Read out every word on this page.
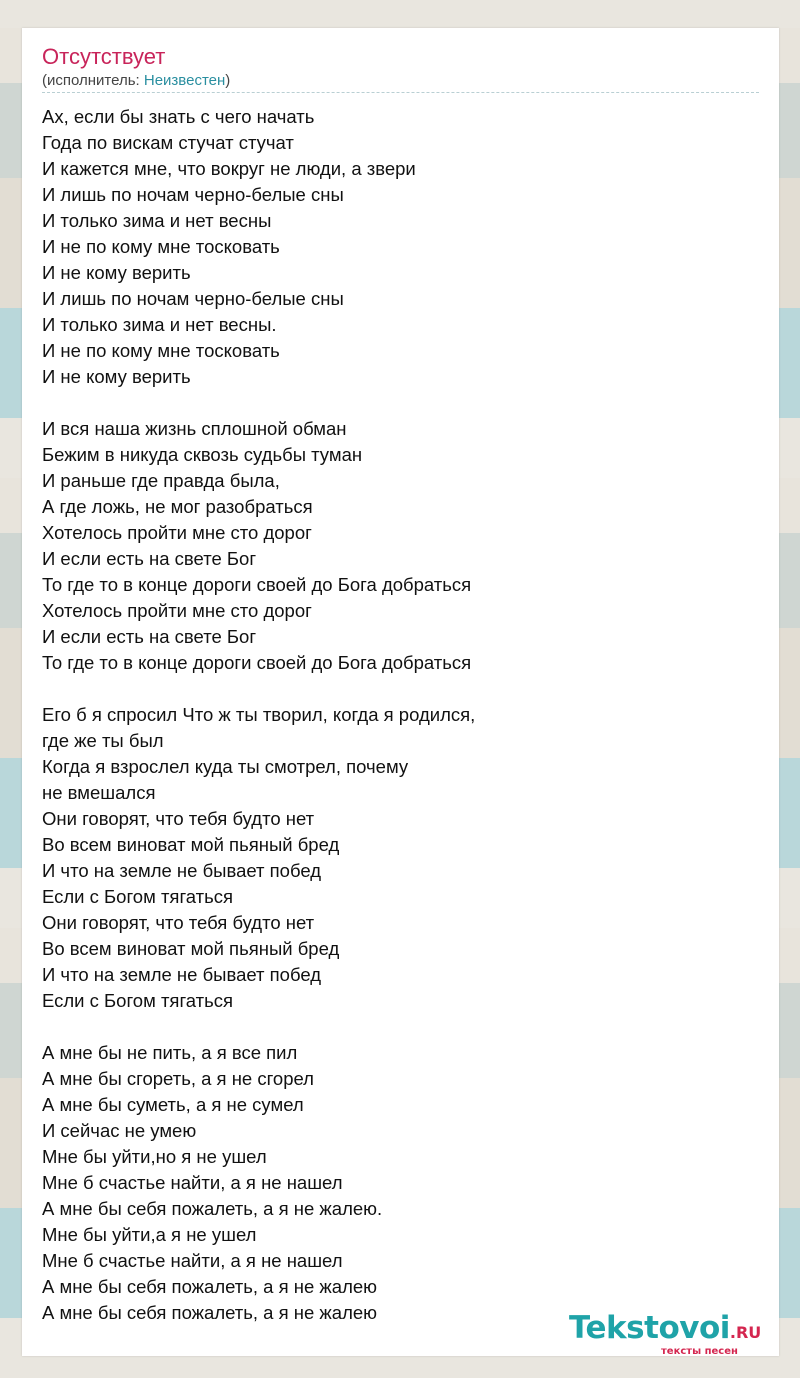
Отсутствует
(исполнитель: Неизвестен)
Ах, если бы знать с чего начать
Года по вискам стучат стучат
И кажется мне, что вокруг не люди, а звери
И лишь по ночам черно-белые сны
И только зима и нет весны
И не по кому мне тосковать
И не кому верить
И лишь по ночам черно-белые сны
И только зима и нет весны.
И не по кому мне тосковать
И не кому верить
И вся наша жизнь сплошной обман
Бежим в никуда сквозь судьбы туман
И раньше где правда была,
А где ложь, не мог разобраться
Хотелось пройти мне сто дорог
И если есть на свете Бог
То где то в конце дороги своей до Бога добраться
Хотелось пройти мне сто дорог
И если есть на свете Бог
То где то в конце дороги своей до Бога добраться
Его б я спросил Что ж ты творил, когда я родился,
где же ты был
Когда я взрослел куда ты смотрел, почему
не вмешался
Они говорят, что тебя будто нет
Во всем виноват мой пьяный бред
И что на земле не бывает побед
Если с Богом тягаться
Они говорят, что тебя будто нет
Во всем виноват мой пьяный бред
И что на земле не бывает побед
Если с Богом тягаться
А мне бы не пить, а я все пил
А мне бы сгореть, а я не сгорел
А мне бы суметь, а я не сумел
И сейчас не умею
Мне бы уйти,но я не ушел
Мне б счастье найти, а я не нашел
А мне бы себя пожалеть, а я не жалею.
Мне бы уйти,а я не ушел
Мне б счастье найти, а я не нашел
А мне бы себя пожалеть, а я не жалею
А мне бы себя пожалеть, а я не жалею	Tekstovoi.RU
тексты песен
